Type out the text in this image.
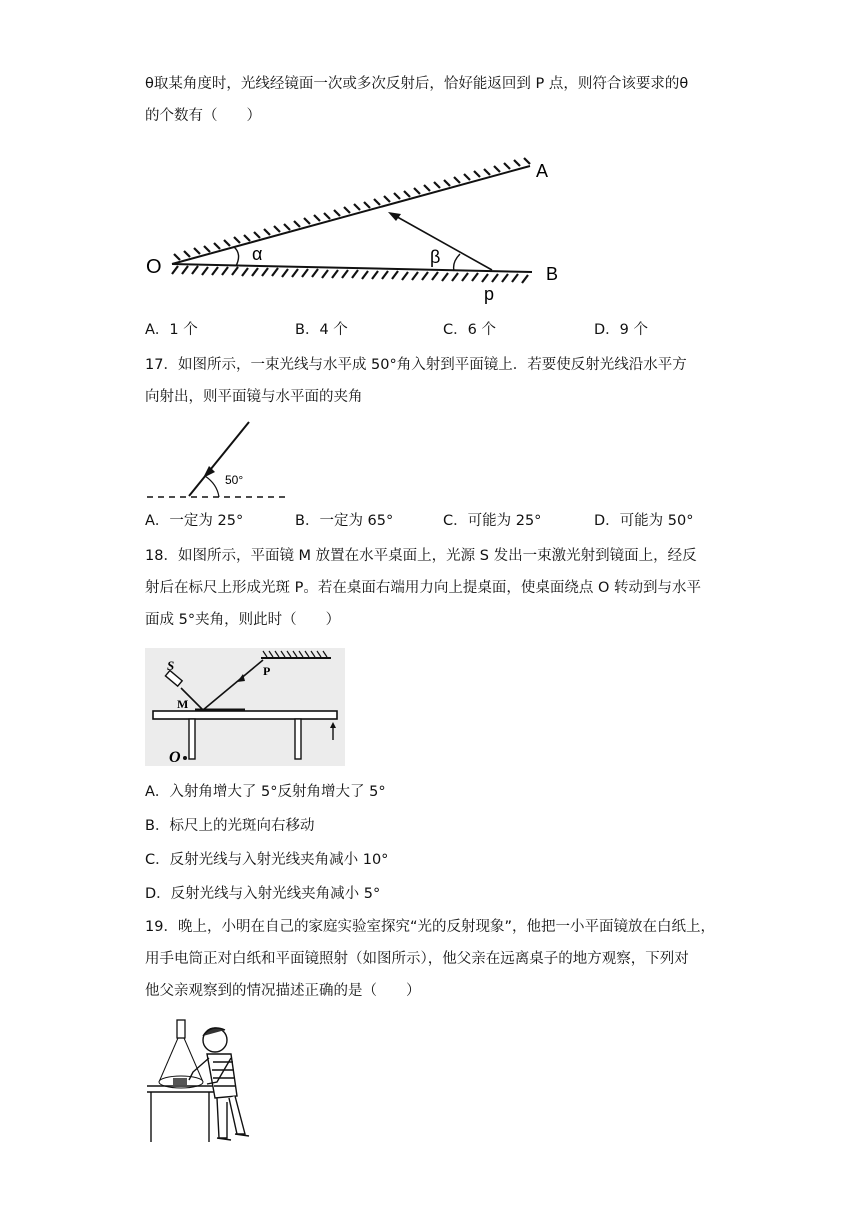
θ取某角度时，光线经镜面一次或多次反射后，恰好能返回到 P 点，则符合该要求的θ
的个数有（　　）
O
A
B
p
α	β
A．1 个	B．4 个	C．6 个	D．9 个
17．如图所示，一束光线与水平成 50°角入射到平面镜上．若要使反射光线沿水平方
向射出，则平面镜与水平面的夹角
50°
A．一定为 25°	B．一定为 65°	C．可能为 25°	D．可能为 50°
18．如图所示，平面镜 M 放置在水平桌面上，光源 S 发出一束激光射到镜面上，经反
射后在标尺上形成光斑 P。若在桌面右端用力向上提桌面，使桌面绕点 O 转动到与水平
面成 5°夹角，则此时（　　）
S	P
M
O
A．入射角增大了 5°反射角增大了 5°
B．标尺上的光斑向右移动
C．反射光线与入射光线夹角减小 10°
D．反射光线与入射光线夹角减小 5°
19．晚上，小明在自己的家庭实验室探究“光的反射现象”，他把一小平面镜放在白纸上，
用手电筒正对白纸和平面镜照射（如图所示），他父亲在远离桌子的地方观察，下列对
他父亲观察到的情况描述正确的是（　　）
